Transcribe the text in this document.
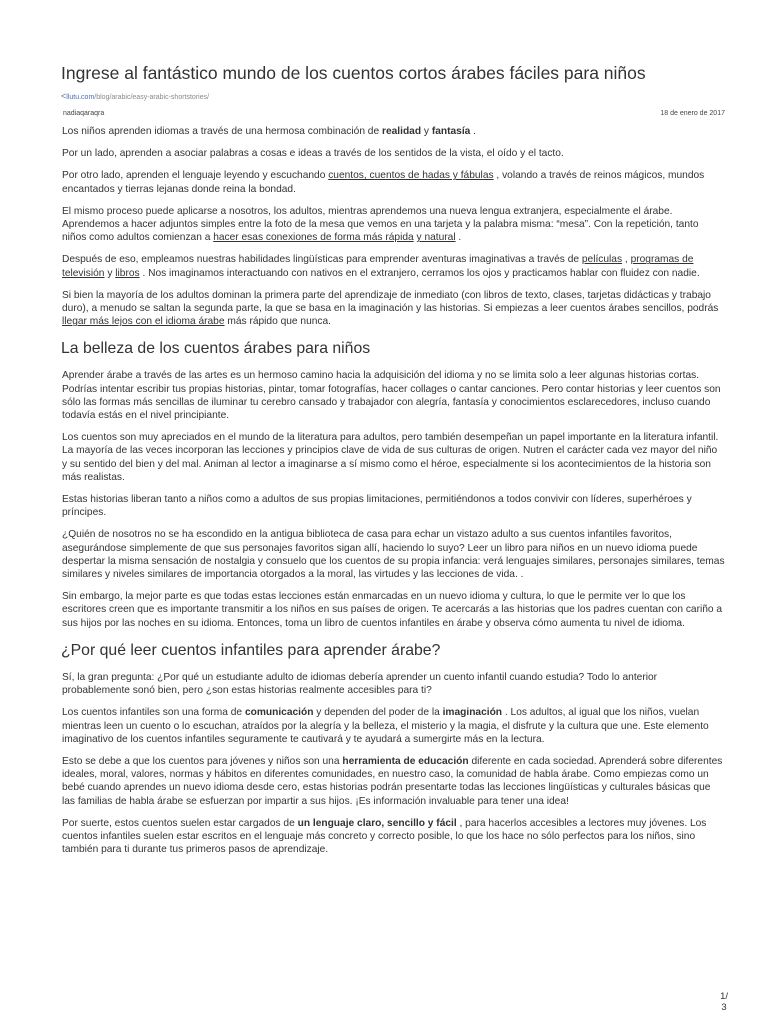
Ingrese al fantástico mundo de los cuentos cortos árabes fáciles para niños
<llutu.com/blog/arabic/easy-arabic-shortstories/
nadiaqaraqra	18 de enero de 2017

Los niños aprenden idiomas a través de una hermosa combinación de realidad y fantasía .

Por un lado, aprenden a asociar palabras a cosas e ideas a través de los sentidos de la vista, el oído y el tacto.

Por otro lado, aprenden el lenguaje leyendo y escuchando cuentos, cuentos de hadas y fábulas , volando a través de reinos mágicos, mundos encantados y tierras lejanas donde reina la bondad.

El mismo proceso puede aplicarse a nosotros, los adultos, mientras aprendemos una nueva lengua extranjera, especialmente el árabe. Aprendemos a hacer adjuntos simples entre la foto de la mesa que vemos en una tarjeta y la palabra misma: “mesa”. Con la repetición, tanto niños como adultos comienzan a hacer esas conexiones de forma más rápida y natural .

Después de eso, empleamos nuestras habilidades lingüísticas para emprender aventuras imaginativas a través de películas , programas de televisión y libros . Nos imaginamos interactuando con nativos en el extranjero, cerramos los ojos y practicamos hablar con fluidez con nadie.

Si bien la mayoría de los adultos dominan la primera parte del aprendizaje de inmediato (con libros de texto, clases, tarjetas didácticas y trabajo duro), a menudo se saltan la segunda parte, la que se basa en la imaginación y las historias. Si empiezas a leer cuentos árabes sencillos, podrás llegar más lejos con el idioma árabe más rápido que nunca.

La belleza de los cuentos árabes para niños

Aprender árabe a través de las artes es un hermoso camino hacia la adquisición del idioma y no se limita solo a leer algunas historias cortas. Podrías intentar escribir tus propias historias, pintar, tomar fotografías, hacer collages o cantar canciones. Pero contar historias y leer cuentos son sólo las formas más sencillas de iluminar tu cerebro cansado y trabajador con alegría, fantasía y conocimientos esclarecedores, incluso cuando todavía estás en el nivel principiante.

Los cuentos son muy apreciados en el mundo de la literatura para adultos, pero también desempeñan un papel importante en la literatura infantil. La mayoría de las veces incorporan las lecciones y principios clave de vida de sus culturas de origen. Nutren el carácter cada vez mayor del niño y su sentido del bien y del mal. Animan al lector a imaginarse a sí mismo como el héroe, especialmente si los acontecimientos de la historia son más realistas.

Estas historias liberan tanto a niños como a adultos de sus propias limitaciones, permitiéndonos a todos convivir con líderes, superhéroes y príncipes.

¿Quién de nosotros no se ha escondido en la antigua biblioteca de casa para echar un vistazo adulto a sus cuentos infantiles favoritos, asegurándose simplemente de que sus personajes favoritos sigan allí, haciendo lo suyo? Leer un libro para niños en un nuevo idioma puede despertar la misma sensación de nostalgia y consuelo que los cuentos de su propia infancia: verá lenguajes similares, personajes similares, temas similares y niveles similares de importancia otorgados a la moral, las virtudes y las lecciones de vida. .

Sin embargo, la mejor parte es que todas estas lecciones están enmarcadas en un nuevo idioma y cultura, lo que le permite ver lo que los escritores creen que es importante transmitir a los niños en sus países de origen. Te acercarás a las historias que los padres cuentan con cariño a sus hijos por las noches en su idioma. Entonces, toma un libro de cuentos infantiles en árabe y observa cómo aumenta tu nivel de idioma.

¿Por qué leer cuentos infantiles para aprender árabe?

Sí, la gran pregunta: ¿Por qué un estudiante adulto de idiomas debería aprender un cuento infantil cuando estudia? Todo lo anterior probablemente sonó bien, pero ¿son estas historias realmente accesibles para ti?

Los cuentos infantiles son una forma de comunicación y dependen del poder de la imaginación . Los adultos, al igual que los niños, vuelan mientras leen un cuento o lo escuchan, atraídos por la alegría y la belleza, el misterio y la magia, el disfrute y la cultura que une. Este elemento imaginativo de los cuentos infantiles seguramente te cautivará y te ayudará a sumergirte más en la lectura.

Esto se debe a que los cuentos para jóvenes y niños son una herramienta de educación diferente en cada sociedad. Aprenderá sobre diferentes ideales, moral, valores, normas y hábitos en diferentes comunidades, en nuestro caso, la comunidad de habla árabe. Como empiezas como un bebé cuando aprendes un nuevo idioma desde cero, estas historias podrán presentarte todas las lecciones lingüísticas y culturales básicas que las familias de habla árabe se esfuerzan por impartir a sus hijos. ¡Es información invaluable para tener una idea!

Por suerte, estos cuentos suelen estar cargados de un lenguaje claro, sencillo y fácil , para hacerlos accesibles a lectores muy jóvenes. Los cuentos infantiles suelen estar escritos en el lenguaje más concreto y correcto posible, lo que los hace no sólo perfectos para los niños, sino también para ti durante tus primeros pasos de aprendizaje.

1/
3
